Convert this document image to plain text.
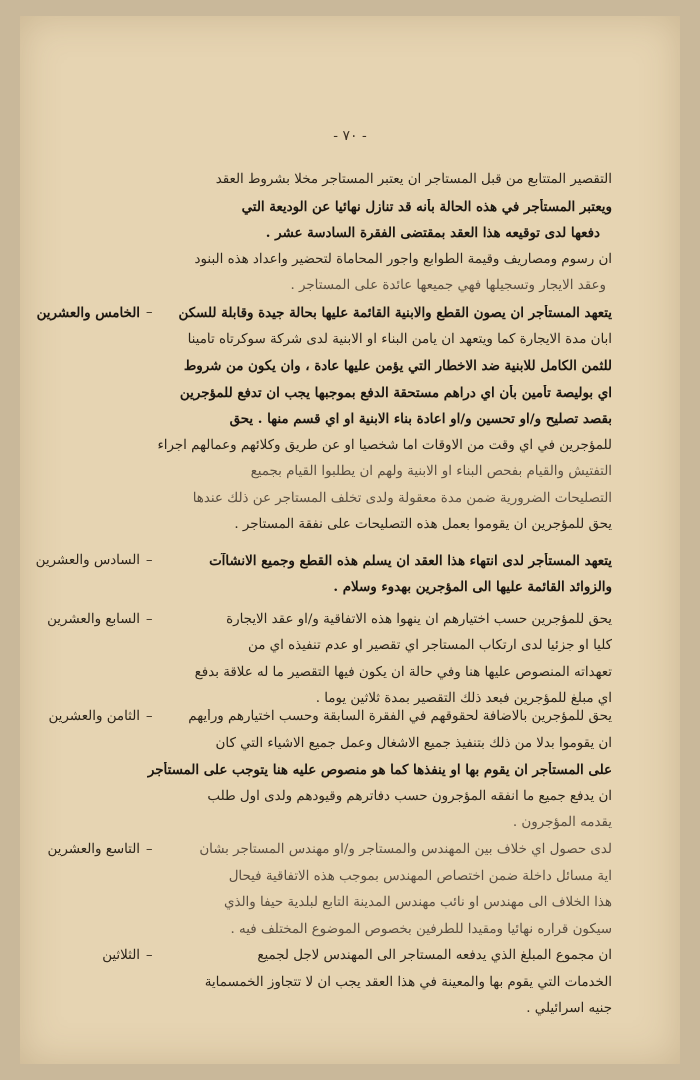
- ٧٠ -
التقصير المتتابع من قبل المستأجر ان يعتبر المستأجر مخلا بشروط العقد
ويعتبر المستأجر في هذه الحالة بأنه قد تنازل نهائيا عن الوديعة التي
دفعها لدى توقيعه هذا العقد بمقتضى الفقرة السادسة عشر .
ان رسوم ومصاريف وقيمة الطوابع واجور المحاماة لتحضير واعداد هذه البنود
وعقد الايجار وتسجيلها فهي جميعها عائدة على المستأجر .
الخامس والعشرين –	يتعهد المستأجر ان يصون القطع والابنية القائمة عليها بحالة جيدة وقابلة للسكن
ابان مدة الايجارة كما ويتعهد ان يأمن البناء او الابنية لدى شركة سوكرتاه تأمينا
للثمن الكامل للابنية ضد الاخطار التي يؤمن عليها عادة ، وان يكون من شروط
اي بوليصة تأمين بأن اي دراهم مستحقة الدفع بموجبها يجب ان تدفع للمؤجرين
بقصد تصليح و/او تحسين و/او اعادة بناء الابنية او اي قسم منها . يحق
للمؤجرين في اي وقت من الاوقات اما شخصيا او عن طريق وكلائهم وعمالهم اجراء
التفتيش والقيام بفحص البناء او الابنية ولهم ان يطلبوا القيام بجميع
التصليحات الضرورية ضمن مدة معقولة ولدى تخلف المستأجر عن ذلك عندها
يحق للمؤجرين ان يقوموا بعمل هذه التصليحات على نفقة المستأجر .
السادس والعشرين –	يتعهد المستأجر لدى انتهاء هذا العقد ان يسلم هذه القطع وجميع الانشاآت
والزوائد القائمة عليها الى المؤجرين بهدوء وسلام .
السابع والعشرين –	يحق للمؤجرين حسب اختيارهم ان ينهوا هذه الاتفاقية و/او عقد الايجارة
كليا او جزئيا لدى ارتكاب المستأجر اي تقصير او عدم تنفيذه اي من
تعهداته المنصوص عليها هنا وفي حالة ان يكون فيها التقصير ما له علاقة بدفع
اي مبلغ للمؤجرين فبعد ذلك التقصير بمدة ثلاثين يوما .
الثامن والعشرين –	يحق للمؤجرين بالاضافة لحقوقهم في الفقرة السابقة وحسب اختيارهم ورأيهم
ان يقوموا بدلا من ذلك بتنفيذ جميع الاشغال وعمل جميع الاشياء التي كان
على المستأجر ان يقوم بها او ينفذها كما هو منصوص عليه هنا يتوجب على المستأجر
ان يدفع جميع ما انفقه المؤجرون حسب دفاترهم وقيودهم ولدى اول طلب
يقدمه المؤجرون .
التاسع والعشرين –	لدى حصول اي خلاف بين المهندس والمستأجر و/او مهندس المستأجر بشأن
اية مسائل داخلة ضمن اختصاص المهندس بموجب هذه الاتفاقية فيحال
هذا الخلاف الى مهندس او نائب مهندس المدينة التابع لبلدية حيفا والذي
سيكون قراره نهائيا ومقيدا للطرفين بخصوص الموضوع المختلف فيه .
الثلاثين –	ان مجموع المبلغ الذي يدفعه المستأجر الى المهندس لاجل لجميع
الخدمات التي يقوم بها والمعينة في هذا العقد يجب ان لا تتجاوز الخمسماية
جنيه اسرائيلي .
